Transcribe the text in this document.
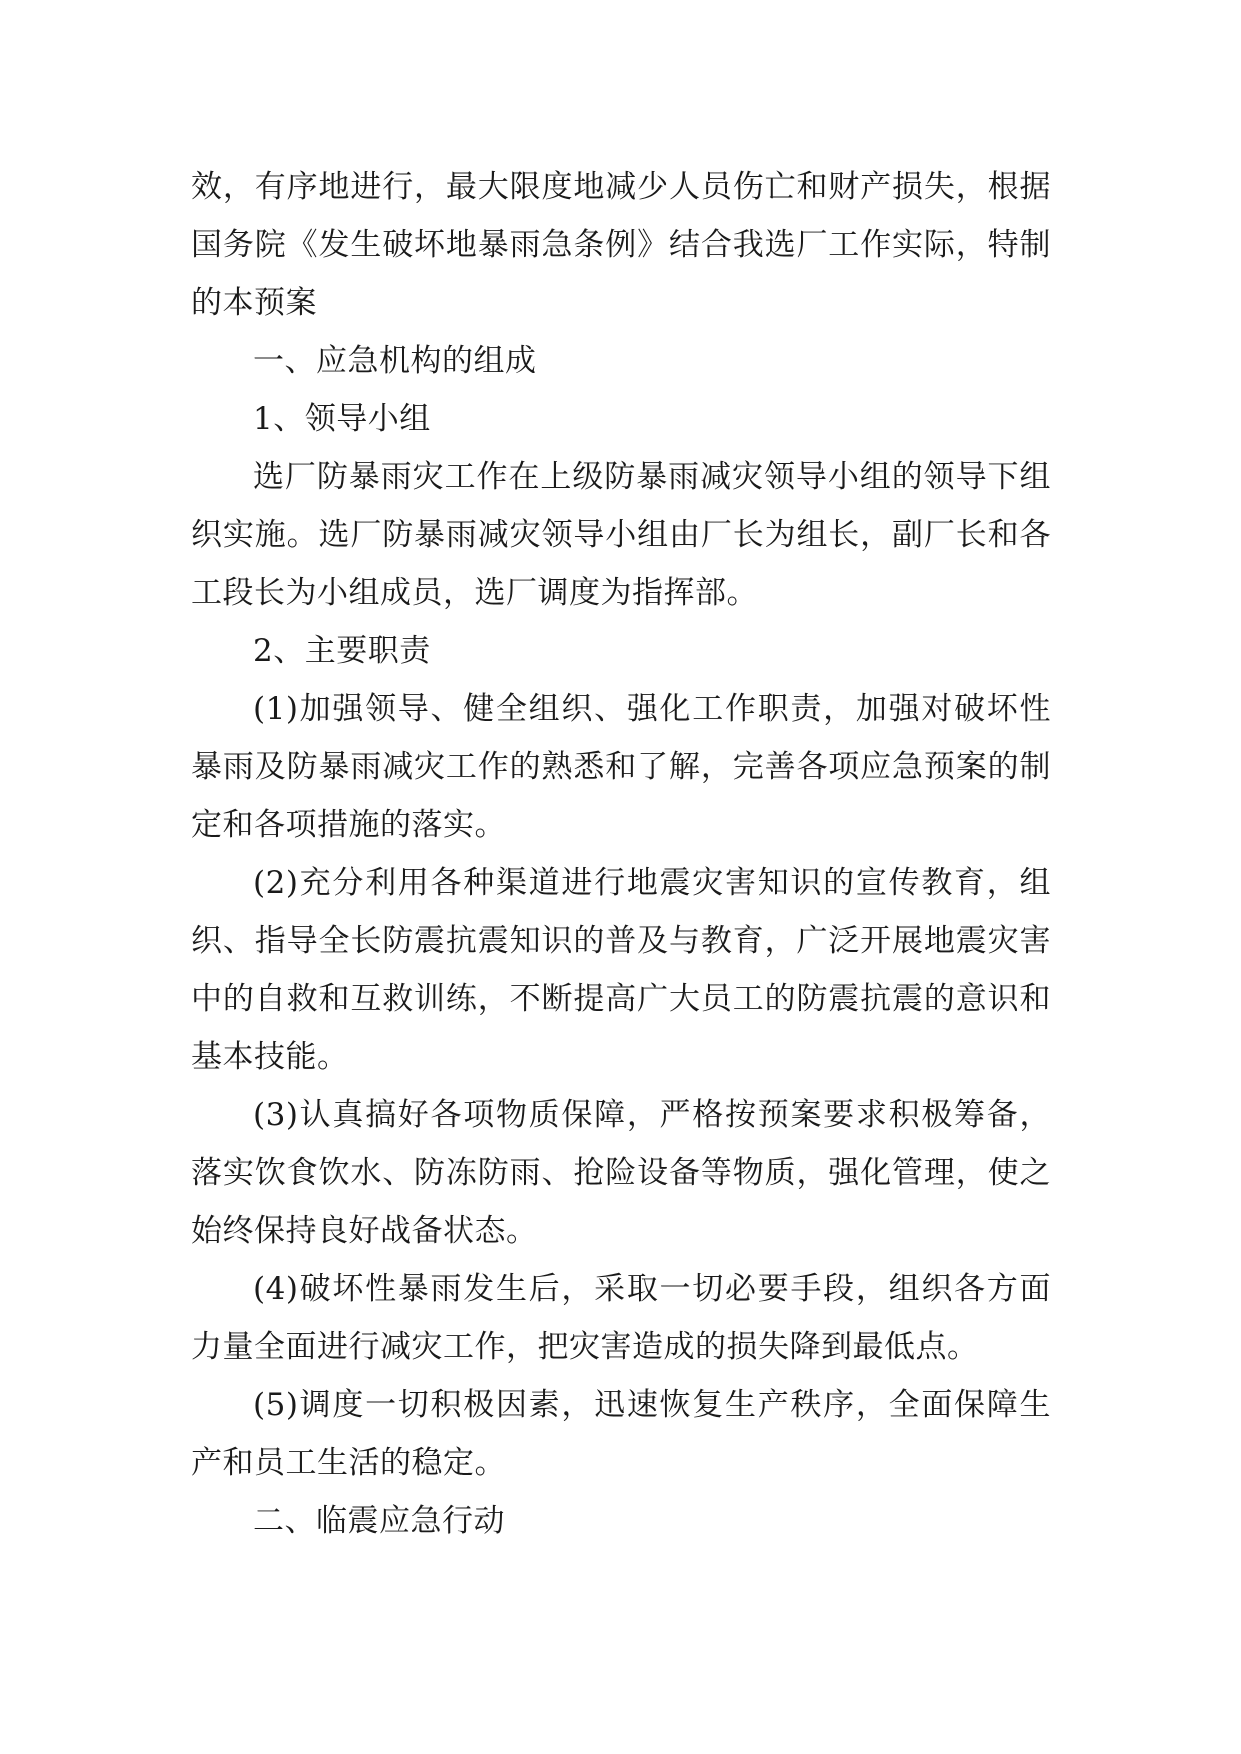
效，有序地进行，最大限度地减少人员伤亡和财产损失，根据国务院《发生破坏地暴雨急条例》结合我选厂工作实际，特制的本预案

一、应急机构的组成

1、领导小组

选厂防暴雨灾工作在上级防暴雨减灾领导小组的领导下组织实施。选厂防暴雨减灾领导小组由厂长为组长，副厂长和各工段长为小组成员，选厂调度为指挥部。

2、主要职责

(1)加强领导、健全组织、强化工作职责，加强对破坏性暴雨及防暴雨减灾工作的熟悉和了解，完善各项应急预案的制定和各项措施的落实。

(2)充分利用各种渠道进行地震灾害知识的宣传教育，组织、指导全长防震抗震知识的普及与教育，广泛开展地震灾害中的自救和互救训练，不断提高广大员工的防震抗震的意识和基本技能。

(3)认真搞好各项物质保障，严格按预案要求积极筹备，落实饮食饮水、防冻防雨、抢险设备等物质，强化管理，使之始终保持良好战备状态。

(4)破坏性暴雨发生后，采取一切必要手段，组织各方面力量全面进行减灾工作，把灾害造成的损失降到最低点。

(5)调度一切积极因素，迅速恢复生产秩序，全面保障生产和员工生活的稳定。

二、临震应急行动
